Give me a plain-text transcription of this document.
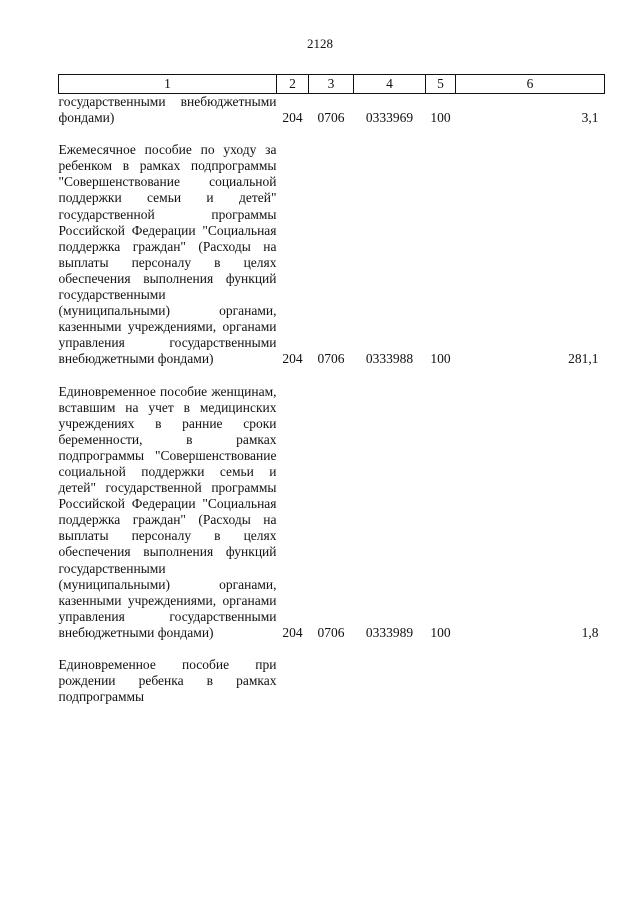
2128
1	2	3	4	5	6
государственными внебюджетными фондами)	204	0706	0333969	100	3,1

Ежемесячное пособие по уходу за ребенком в рамках подпрограммы "Совершенствование социальной поддержки семьи и детей" государственной программы Российской Федерации "Социальная поддержка граждан" (Расходы на выплаты персоналу в целях обеспечения выполнения функций государственными (муниципальными) органами, казенными учреждениями, органами управления государственными внебюджетными фондами)	204	0706	0333988	100	281,1

Единовременное пособие женщинам, вставшим на учет в медицинских учреждениях в ранние сроки беременности, в рамках подпрограммы "Совершенствование социальной поддержки семьи и детей" государственной программы Российской Федерации "Социальная поддержка граждан" (Расходы на выплаты персоналу в целях обеспечения выполнения функций государственными (муниципальными) органами, казенными учреждениями, органами управления государственными внебюджетными фондами)	204	0706	0333989	100	1,8

Единовременное пособие при рождении ребенка в рамках подпрограммы					
